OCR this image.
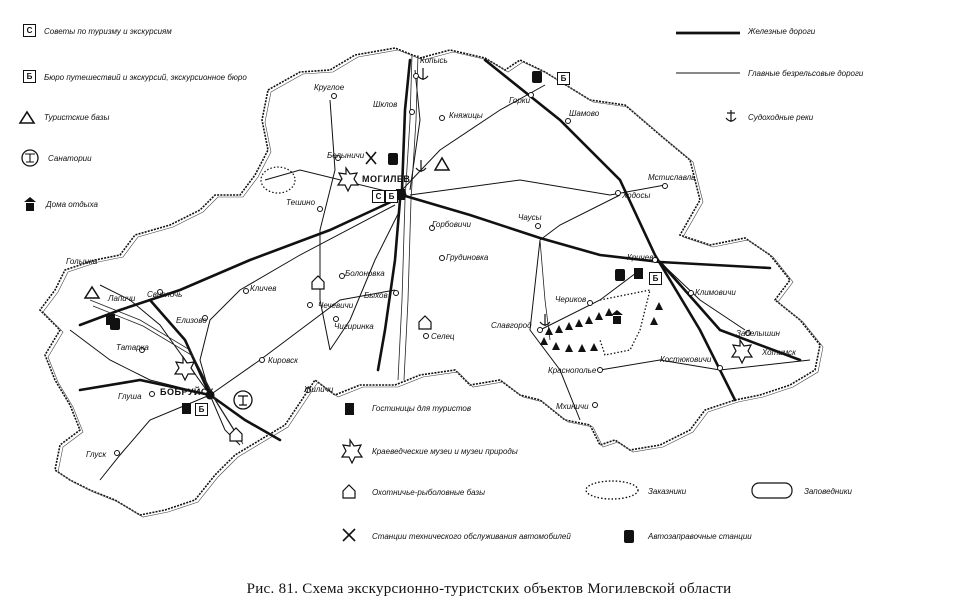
С	Советы по туризму и экскурсиям
Б	Бюро путешествий и экскурсий, экскурсионное бюро
Туристские базы
Санатории
Дома отдыха
Железные дороги
Главные безрельсовые дороги
Судоходные реки
Гостиницы для туристов
Краеведческие музеи и музеи природы
Охотничье-рыболовные базы
Станции технического обслуживания автомобилей
Заказники	Заповедники
Автозаправочные станции
Б
С Б
Б
Б
Копысь
Круглое
Шклов
Княжицы
Горки
Шамово
Белыничи
МОГИЛЕВ	Мстиславль
Ходосы
Тешино
Чаусы
Горбовичи
Грудиновка
Голынка	Кричев
Болоновка
Кличев
Свислочь	Климовичи
Быхов	Чериков
Чечевичи
Лапичи
Елизово
Чигиринка
Селец
Славгород
Забелышин
Татарка
Кировск	Костюковичи
Хотимск
Краснополье
БОБРУЙСК
Глуша
Жиличи
Мхиничи
Глуск
Рис. 81. Схема экскурсионно-туристских объектов Могилевской области
